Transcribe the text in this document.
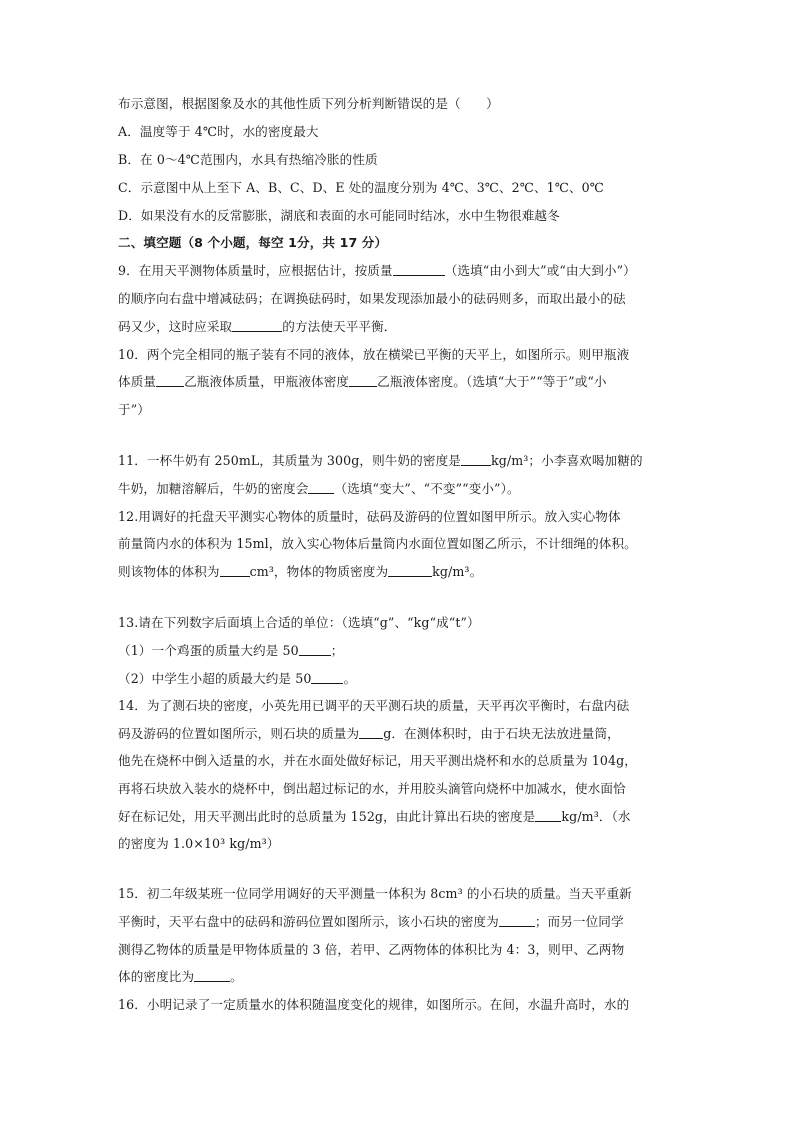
布示意图，根据图象及水的其他性质下列分析判断错误的是（　　）
A．温度等于 4℃时，水的密度最大
B．在 0～4℃范围内，水具有热缩冷胀的性质
C．示意图中从上至下 A、B、C、D、E 处的温度分别为 4℃、3℃、2℃、1℃、0℃
D．如果没有水的反常膨胀，湖底和表面的水可能同时结冰，水中生物很难越冬
二、填空题（8 个小题，每空 1分，共 17 分）
9．在用天平测物体质量时，应根据估计，按质量	（选填“由小到大”或“由大到小”）
的顺序向右盘中增减砝码；在调换砝码时，如果发现添加最小的砝码则多，而取出最小的砝
码又少，这时应采取	的方法使天平平衡．
10．两个完全相同的瓶子装有不同的液体，放在横梁已平衡的天平上，如图所示。则甲瓶液
体质量 乙瓶液体质量，甲瓶液体密度 乙瓶液体密度。（选填“大于”“等于”或“小
于”）
11．一杯牛奶有 250mL，其质量为 300g，则牛奶的密度是 kg/m³；小李喜欢喝加糖的
牛奶，加糖溶解后，牛奶的密度会 （选填“变大”、“不变”“变小”）。
12.用调好的托盘天平测实心物体的质量时，砝码及游码的位置如图甲所示。放入实心物体
前量筒内水的体积为 15ml，放入实心物体后量筒内水面位置如图乙所示，不计细绳的体积。
则该物体的体积为 cm³，物体的物质密度为	kg/m³。
13.请在下列数字后面填上合适的单位：（选填“g”、“kg“成“t”）
（1）一个鸡蛋的质量大约是 50	；
（2）中学生小超的质最大约是 50	。
14．为了测石块的密度，小英先用已调平的天平测石块的质量，天平再次平衡时，右盘内砝
码及游码的位置如图所示，则石块的质量为 g．在测体积时，由于石块无法放进量筒，
他先在烧杯中倒入适量的水，并在水面处做好标记，用天平测出烧杯和水的总质量为 104g，
再将石块放入装水的烧杯中，倒出超过标记的水，并用胶头滴管向烧杯中加减水，使水面恰
好在标记处，用天平测出此时的总质量为 152g，由此计算出石块的密度是 kg/m³．（水
的密度为 1.0×10³ kg/m³）
15．初二年级某班一位同学用调好的天平测量一体积为 8cm³ 的小石块的质量。当天平重新
平衡时，天平右盘中的砝码和游码位置如图所示，该小石块的密度为	；而另一位同学
测得乙物体的质量是甲物体质量的 3 倍，若甲、乙两物体的体积比为 4：3，则甲、乙两物
体的密度比为	。
16．小明记录了一定质量水的体积随温度变化的规律，如图所示。在间，水温升高时，水的
